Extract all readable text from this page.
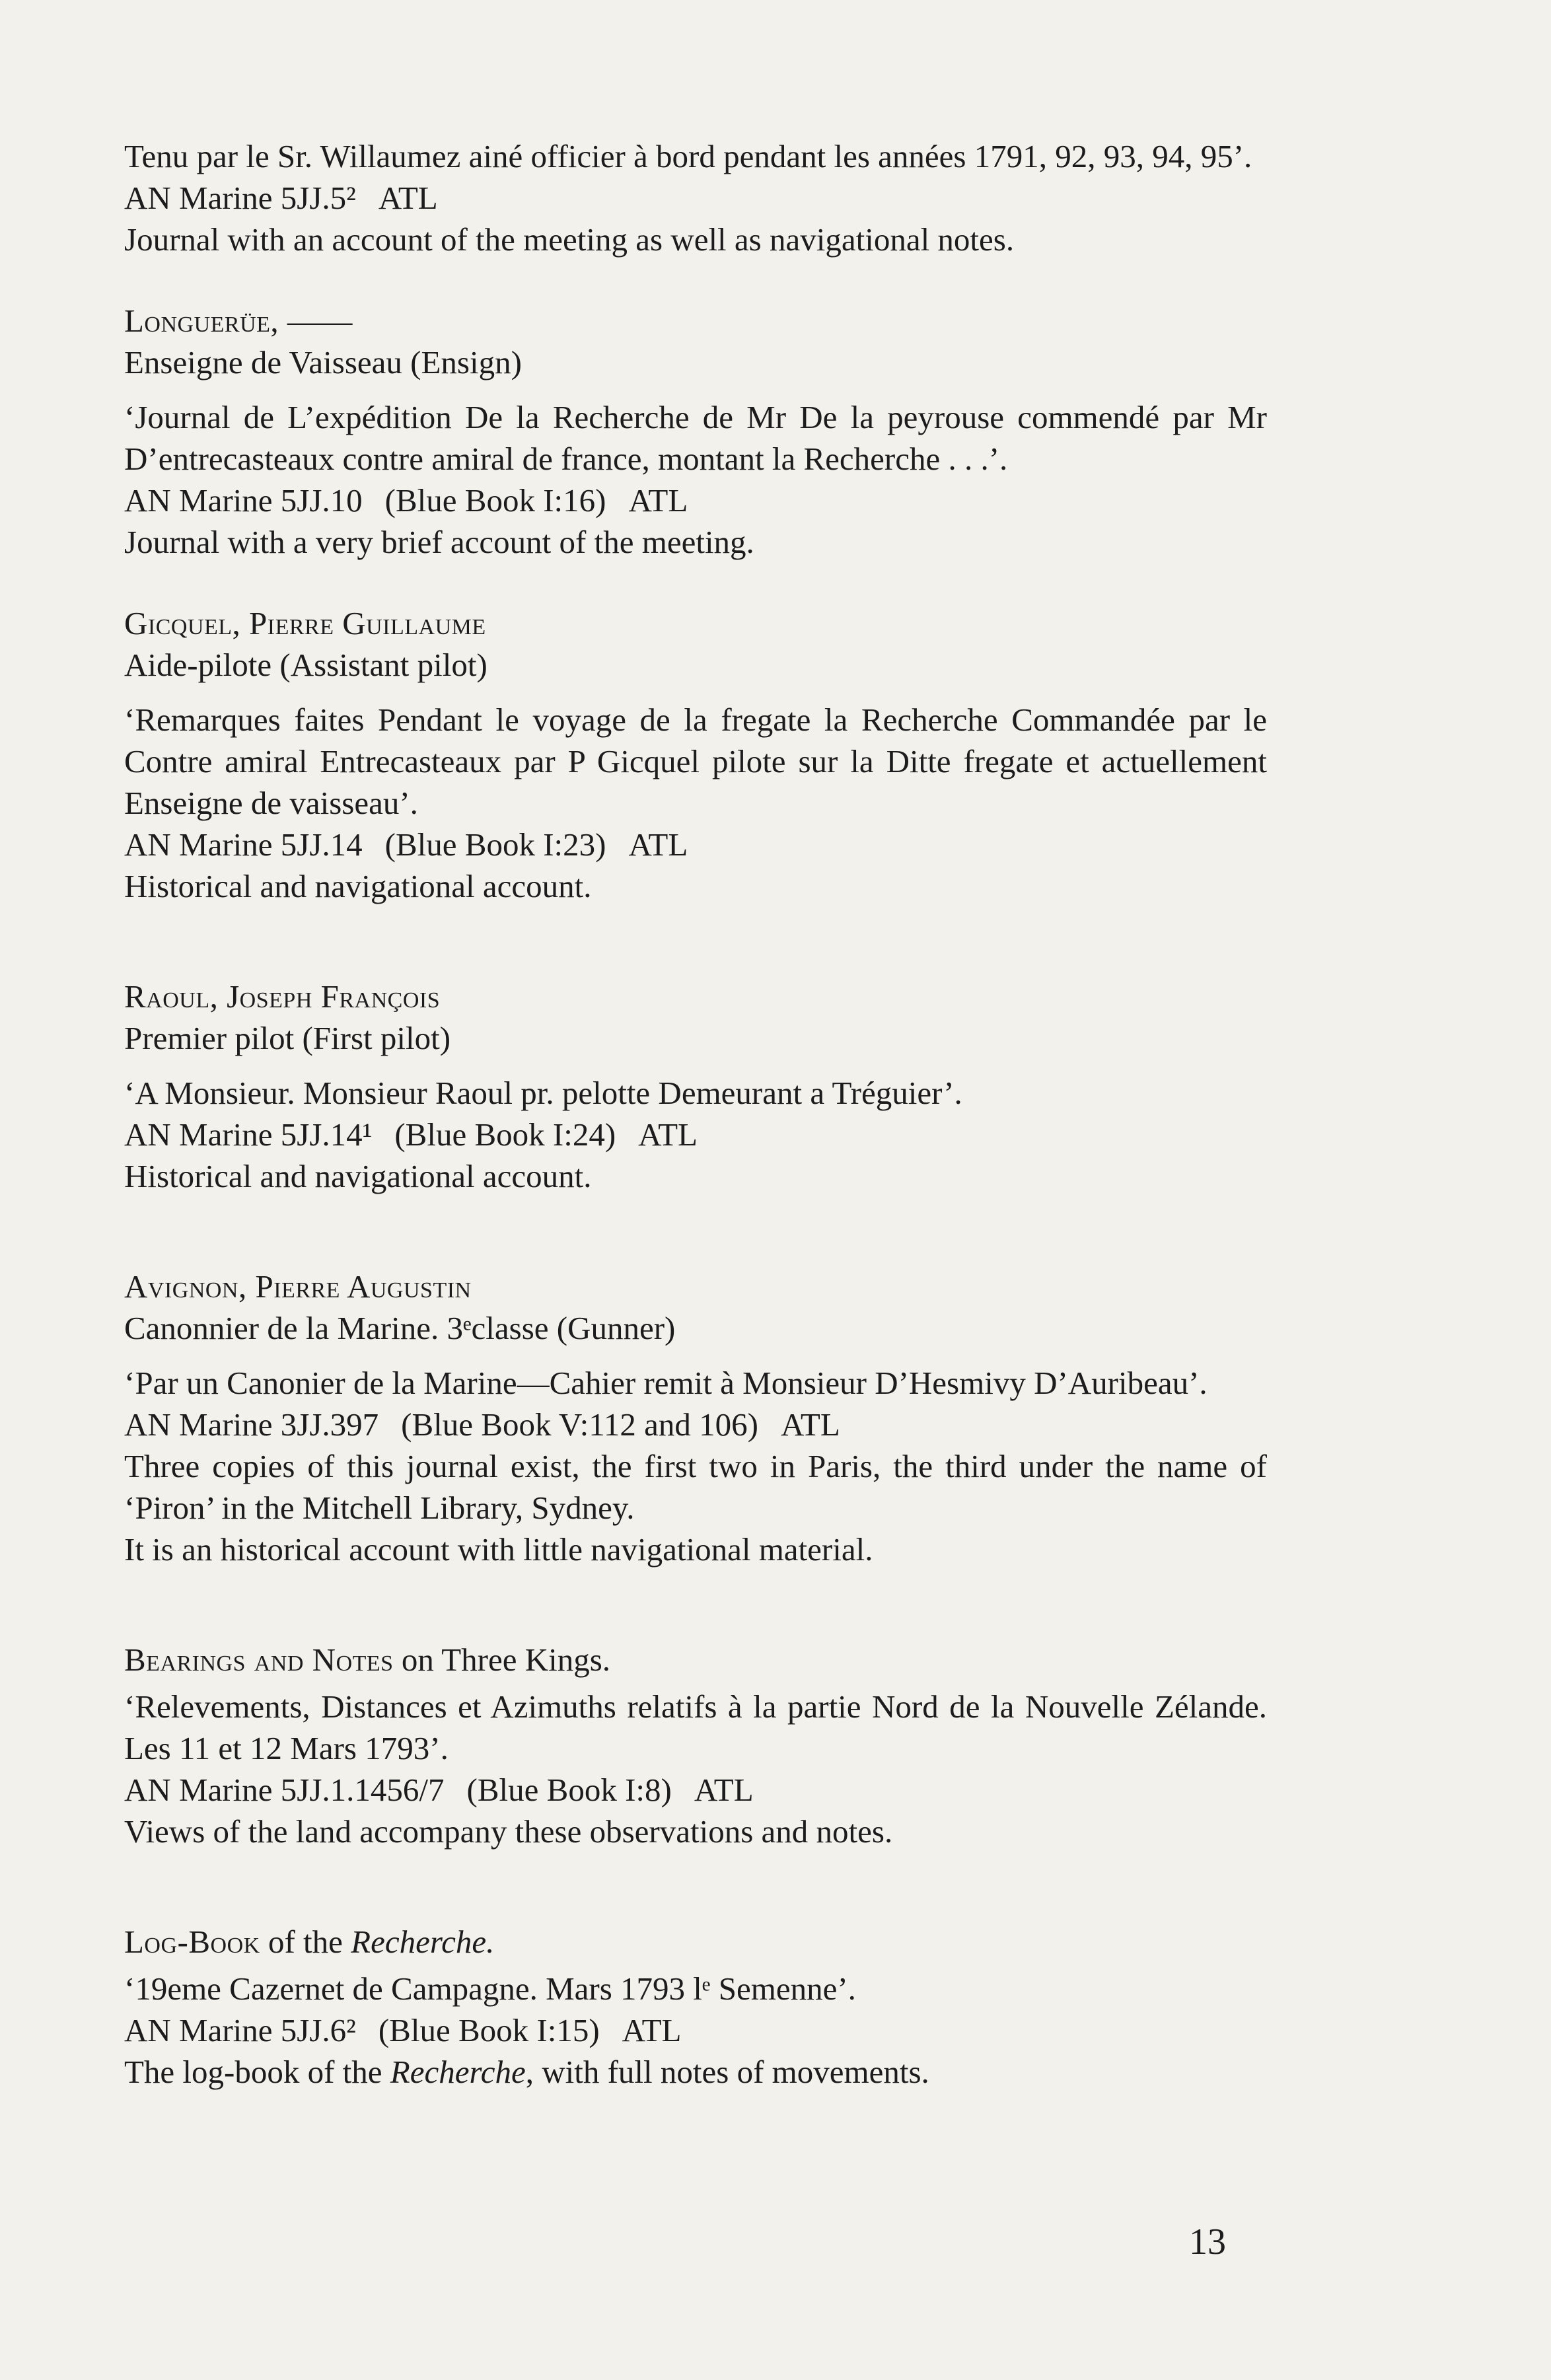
Tenu par le Sr. Willaumez ainé officier à bord pendant les années 1791, 92, 93, 94, 95’.

AN Marine 5JJ.5² ATL

Journal with an account of the meeting as well as navigational notes.

Longuerüe, ——

Enseigne de Vaisseau (Ensign)

‘Journal de L’expédition De la Recherche de Mr De la peyrouse commendé par Mr D’entrecasteaux contre amiral de france, montant la Recherche . . .’.

AN Marine 5JJ.10 (Blue Book I:16) ATL

Journal with a very brief account of the meeting.

Gicquel, Pierre Guillaume

Aide-pilote (Assistant pilot)

‘Remarques faites Pendant le voyage de la fregate la Recherche Commandée par le Contre amiral Entrecasteaux par P Gicquel pilote sur la Ditte fregate et actuellement Enseigne de vaisseau’.

AN Marine 5JJ.14 (Blue Book I:23) ATL

Historical and navigational account.

Raoul, Joseph François

Premier pilot (First pilot)

‘A Monsieur. Monsieur Raoul pr. pelotte Demeurant a Tréguier’.

AN Marine 5JJ.14¹ (Blue Book I:24) ATL

Historical and navigational account.

Avignon, Pierre Augustin

Canonnier de la Marine. 3ᵉclasse (Gunner)

‘Par un Canonier de la Marine—Cahier remit à Monsieur D’Hesmivy D’Auribeau’.

AN Marine 3JJ.397 (Blue Book V:112 and 106) ATL

Three copies of this journal exist, the first two in Paris, the third under the name of ‘Piron’ in the Mitchell Library, Sydney.

It is an historical account with little navigational material.

Bearings and Notes on Three Kings.

‘Relevements, Distances et Azimuths relatifs à la partie Nord de la Nouvelle Zélande. Les 11 et 12 Mars 1793’.

AN Marine 5JJ.1.1456/7 (Blue Book I:8) ATL

Views of the land accompany these observations and notes.

Log-Book of the Recherche.

‘19eme Cazernet de Campagne. Mars 1793 lᵉ Semenne’.

AN Marine 5JJ.6² (Blue Book I:15) ATL

The log-book of the Recherche, with full notes of movements.

13
